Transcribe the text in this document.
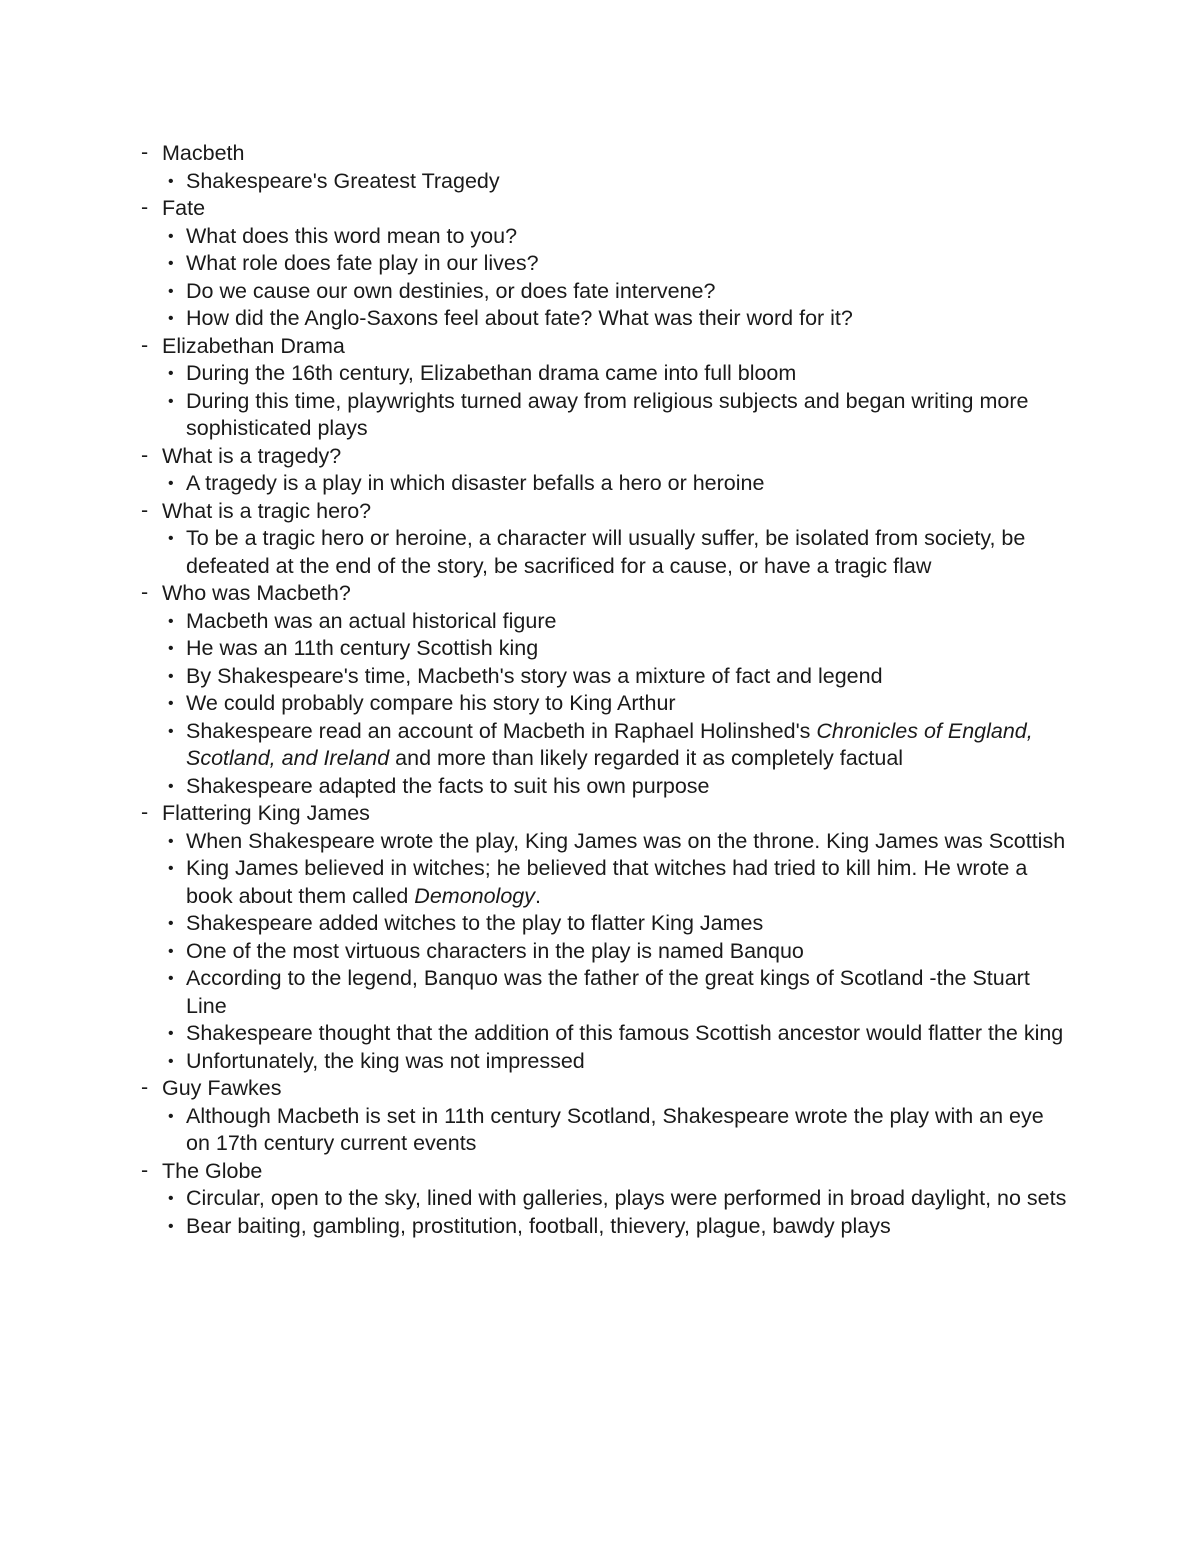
- Macbeth
• Shakespeare's Greatest Tragedy
- Fate
• What does this word mean to you?
• What role does fate play in our lives?
• Do we cause our own destinies, or does fate intervene?
• How did the Anglo-Saxons feel about fate? What was their word for it?
- Elizabethan Drama
• During the 16th century, Elizabethan drama came into full bloom
• During this time, playwrights turned away from religious subjects and began writing more sophisticated plays
- What is a tragedy?
• A tragedy is a play in which disaster befalls a hero or heroine
- What is a tragic hero?
• To be a tragic hero or heroine, a character will usually suffer, be isolated from society, be defeated at the end of the story, be sacrificed for a cause, or have a tragic flaw
- Who was Macbeth?
• Macbeth was an actual historical figure
• He was an 11th century Scottish king
• By Shakespeare's time, Macbeth's story was a mixture of fact and legend
• We could probably compare his story to King Arthur
• Shakespeare read an account of Macbeth in Raphael Holinshed's Chronicles of England, Scotland, and Ireland and more than likely regarded it as completely factual
• Shakespeare adapted the facts to suit his own purpose
- Flattering King James
• When Shakespeare wrote the play, King James was on the throne. King James was Scottish
• King James believed in witches; he believed that witches had tried to kill him. He wrote a book about them called Demonology.
• Shakespeare added witches to the play to flatter King James
• One of the most virtuous characters in the play is named Banquo
• According to the legend, Banquo was the father of the great kings of Scotland -the Stuart Line
• Shakespeare thought that the addition of this famous Scottish ancestor would flatter the king
• Unfortunately, the king was not impressed
- Guy Fawkes
• Although Macbeth is set in 11th century Scotland, Shakespeare wrote the play with an eye on 17th century current events
- The Globe
• Circular, open to the sky, lined with galleries, plays were performed in broad daylight, no sets
• Bear baiting, gambling, prostitution, football, thievery, plague, bawdy plays
